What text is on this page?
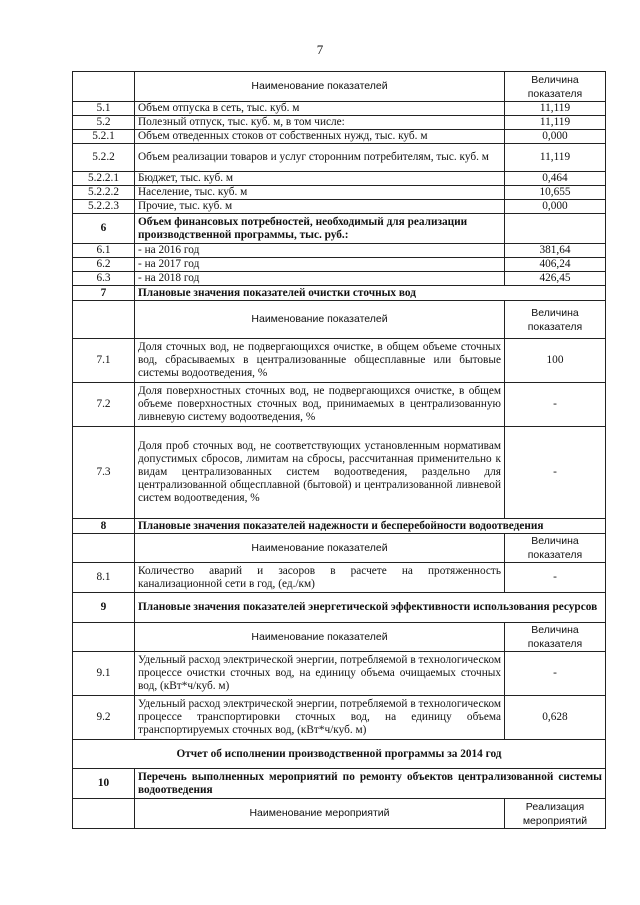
7
	Наименование показателей	Величина показателя
5.1	Объем отпуска в сеть, тыс. куб. м	11,119
5.2	Полезный отпуск, тыс. куб. м, в том числе:	11,119
5.2.1	Объем отведенных стоков от собственных нужд, тыс. куб. м	0,000
5.2.2	Объем реализации товаров и услуг сторонним потребителям, тыс. куб. м	11,119
5.2.2.1	Бюджет, тыс. куб. м	0,464
5.2.2.2	Население, тыс. куб. м	10,655
5.2.2.3	Прочие, тыс. куб. м	0,000
6	Объем финансовых потребностей, необходимый для реализации производственной программы, тыс. руб.:	
6.1	- на 2016 год	381,64
6.2	- на 2017 год	406,24
6.3	- на 2018 год	426,45
7	Плановые значения показателей очистки сточных вод	
	Наименование показателей	Величина показателя
7.1	Доля сточных вод, не подвергающихся очистке, в общем объеме сточных вод, сбрасываемых в централизованные общесплавные или бытовые системы водоотведения, %	100
7.2	Доля поверхностных сточных вод, не подвергающихся очистке, в общем объеме поверхностных сточных вод, принимаемых в централизованную ливневую систему водоотведения, %	-
7.3	Доля проб сточных вод, не соответствующих установленным нормативам допустимых сбросов, лимитам на сбросы, рассчитанная применительно к видам централизованных систем водоотведения, раздельно для централизованной общесплавной (бытовой) и централизованной ливневой систем водоотведения, %	-
8	Плановые значения показателей надежности и бесперебойности водоотведения	
	Наименование показателей	Величина показателя
8.1	Количество аварий и засоров в расчете на протяженность канализационной сети в год, (ед./км)	-
9	Плановые значения показателей энергетической эффективности использования ресурсов	
	Наименование показателей	Величина показателя
9.1	Удельный расход электрической энергии, потребляемой в технологическом процессе очистки сточных вод, на единицу объема очищаемых сточных вод, (кВт*ч/куб. м)	-
9.2	Удельный расход электрической энергии, потребляемой в технологическом процессе транспортировки сточных вод, на единицу объема транспортируемых сточных вод, (кВт*ч/куб. м)	0,628
Отчет об исполнении производственной программы за 2014 год		
10	Перечень выполненных мероприятий по ремонту объектов централизованной системы водоотведения	
	Наименование мероприятий	Реализация мероприятий
